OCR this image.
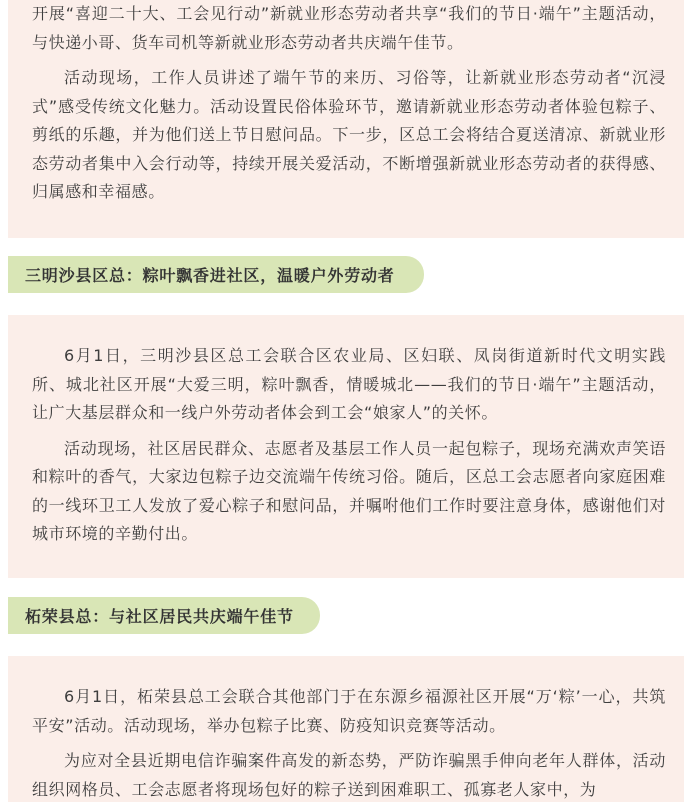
开展“喜迎二十大、工会见行动”新就业形态劳动者共享“我们的节日·端午”主题活动，与快递小哥、货车司机等新就业形态劳动者共庆端午佳节。

活动现场，工作人员讲述了端午节的来历、习俗等，让新就业形态劳动者“沉浸式”感受传统文化魅力。活动设置民俗体验环节，邀请新就业形态劳动者体验包粽子、剪纸的乐趣，并为他们送上节日慰问品。下一步，区总工会将结合夏送清凉、新就业形态劳动者集中入会行动等，持续开展关爱活动，不断增强新就业形态劳动者的获得感、归属感和幸福感。

三明沙县区总：粽叶飘香进社区，温暖户外劳动者

6月1日，三明沙县区总工会联合区农业局、区妇联、凤岗街道新时代文明实践所、城北社区开展“大爱三明，粽叶飘香，情暖城北——我们的节日·端午”主题活动，让广大基层群众和一线户外劳动者体会到工会“娘家人”的关怀。

活动现场，社区居民群众、志愿者及基层工作人员一起包粽子，现场充满欢声笑语和粽叶的香气，大家边包粽子边交流端午传统习俗。随后，区总工会志愿者向家庭困难的一线环卫工人发放了爱心粽子和慰问品，并嘱咐他们工作时要注意身体，感谢他们对城市环境的辛勤付出。

柘荣县总：与社区居民共庆端午佳节

6月1日，柘荣县总工会联合其他部门于在东源乡福源社区开展“万‘粽’一心，共筑平安”活动。活动现场，举办包粽子比赛、防疫知识竞赛等活动。

为应对全县近期电信诈骗案件高发的新态势，严防诈骗黑手伸向老年人群体，活动组织网格员、工会志愿者将现场包好的粽子送到困难职工、孤寡老人家中，为
